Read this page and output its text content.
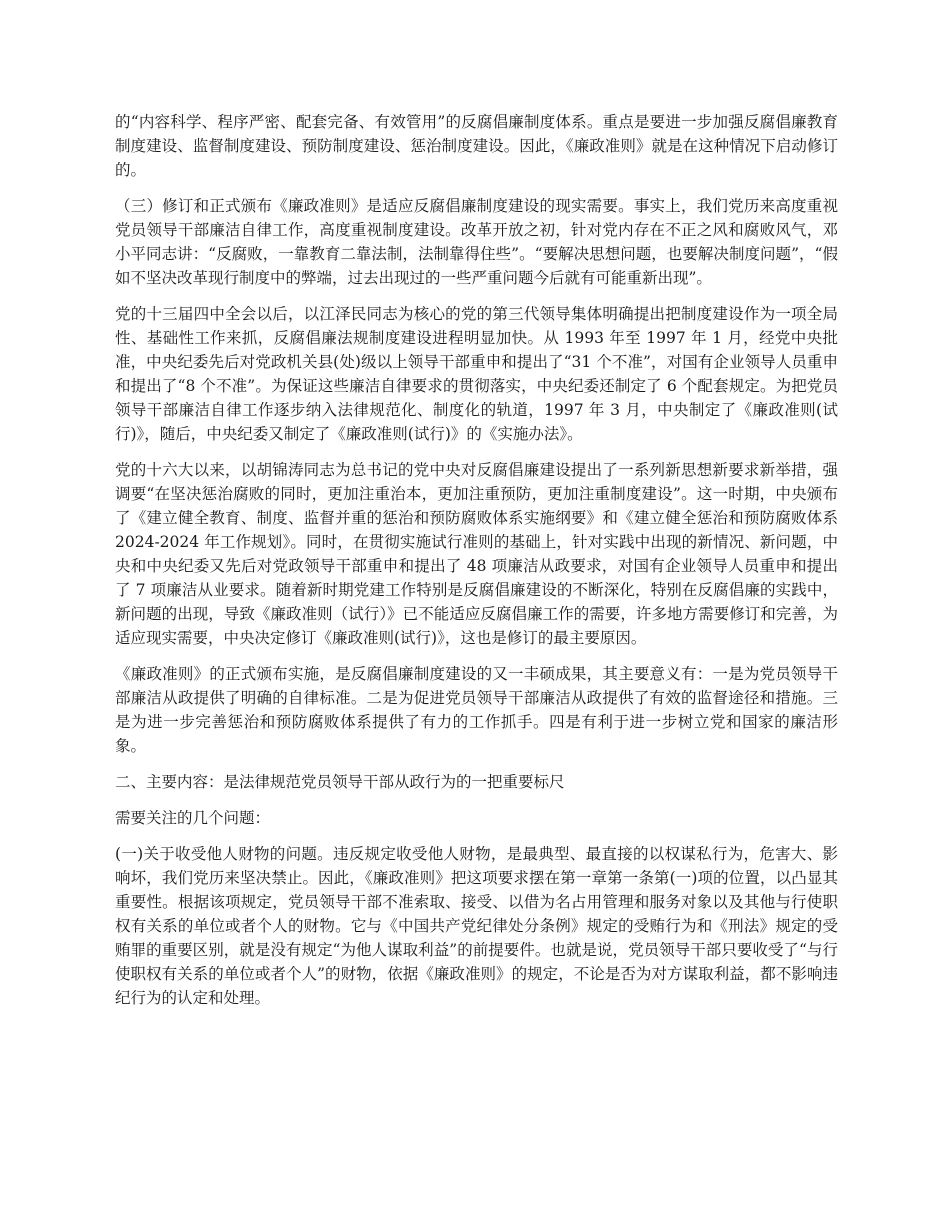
的“内容科学、程序严密、配套完备、有效管用”的反腐倡廉制度体系。重点是要进一步加强反腐倡廉教育制度建设、监督制度建设、预防制度建设、惩治制度建设。因此，《廉政准则》就是在这种情况下启动修订的。

（三）修订和正式颁布《廉政准则》是适应反腐倡廉制度建设的现实需要。事实上，我们党历来高度重视党员领导干部廉洁自律工作，高度重视制度建设。改革开放之初，针对党内存在不正之风和腐败风气，邓小平同志讲：“反腐败，一靠教育二靠法制，法制靠得住些”。“要解决思想问题，也要解决制度问题”，“假如不坚决改革现行制度中的弊端，过去出现过的一些严重问题今后就有可能重新出现”。

党的十三届四中全会以后，以江泽民同志为核心的党的第三代领导集体明确提出把制度建设作为一项全局性、基础性工作来抓，反腐倡廉法规制度建设进程明显加快。从 1993 年至 1997 年 1 月，经党中央批准，中央纪委先后对党政机关县(处)级以上领导干部重申和提出了“31 个不准”，对国有企业领导人员重申和提出了“8 个不准”。为保证这些廉洁自律要求的贯彻落实，中央纪委还制定了 6 个配套规定。为把党员领导干部廉洁自律工作逐步纳入法律规范化、制度化的轨道，1997 年 3 月，中央制定了《廉政准则(试行)》，随后，中央纪委又制定了《廉政准则(试行)》的《实施办法》。

党的十六大以来，以胡锦涛同志为总书记的党中央对反腐倡廉建设提出了一系列新思想新要求新举措，强调要“在坚决惩治腐败的同时，更加注重治本，更加注重预防，更加注重制度建设”。这一时期，中央颁布了《建立健全教育、制度、监督并重的惩治和预防腐败体系实施纲要》和《建立健全惩治和预防腐败体系 2024-2024 年工作规划》。同时，在贯彻实施试行准则的基础上，针对实践中出现的新情况、新问题，中央和中央纪委又先后对党政领导干部重申和提出了 48 项廉洁从政要求，对国有企业领导人员重申和提出了 7 项廉洁从业要求。随着新时期党建工作特别是反腐倡廉建设的不断深化，特别在反腐倡廉的实践中，新问题的出现，导致《廉政准则（试行）》已不能适应反腐倡廉工作的需要，许多地方需要修订和完善，为适应现实需要，中央决定修订《廉政准则(试行)》，这也是修订的最主要原因。

《廉政准则》的正式颁布实施，是反腐倡廉制度建设的又一丰硕成果，其主要意义有：一是为党员领导干部廉洁从政提供了明确的自律标准。二是为促进党员领导干部廉洁从政提供了有效的监督途径和措施。三是为进一步完善惩治和预防腐败体系提供了有力的工作抓手。四是有利于进一步树立党和国家的廉洁形象。

二、主要内容：是法律规范党员领导干部从政行为的一把重要标尺

需要关注的几个问题：

(一)关于收受他人财物的问题。违反规定收受他人财物，是最典型、最直接的以权谋私行为，危害大、影响坏，我们党历来坚决禁止。因此，《廉政准则》把这项要求摆在第一章第一条第(一)项的位置，以凸显其重要性。根据该项规定，党员领导干部不准索取、接受、以借为名占用管理和服务对象以及其他与行使职权有关系的单位或者个人的财物。它与《中国共产党纪律处分条例》规定的受贿行为和《刑法》规定的受贿罪的重要区别，就是没有规定“为他人谋取利益”的前提要件。也就是说，党员领导干部只要收受了“与行使职权有关系的单位或者个人”的财物，依据《廉政准则》的规定，不论是否为对方谋取利益，都不影响违纪行为的认定和处理。
